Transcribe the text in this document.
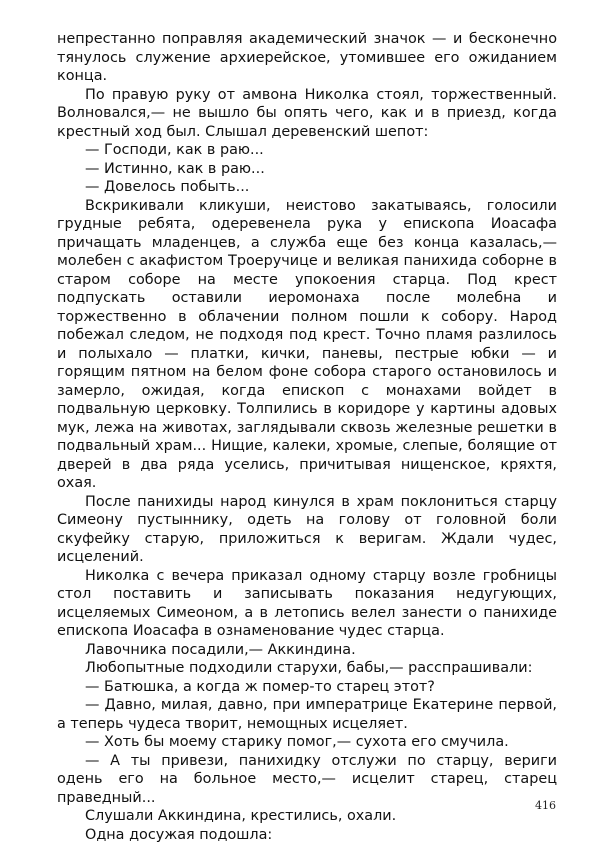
непрестанно поправляя академический значок — и бесконечно тянулось служение архиерейское, утомившее его ожиданием конца.

По правую руку от амвона Николка стоял, торжественный. Волновался,— не вышло бы опять чего, как и в приезд, когда крестный ход был. Слышал деревенский шепот:

— Господи, как в раю...

— Истинно, как в раю...

— Довелось побыть...

Вскрикивали кликуши, неистово закатываясь, голосили грудные ребята, одеревенела рука у епископа Иоасафа причащать младенцев, а служба еще без конца казалась,— молебен с акафистом Троеручице и великая панихида соборне в старом соборе на месте упокоения старца. Под крест подпускать оставили иеромонаха после молебна и торжественно в облачении полном пошли к собору. Народ побежал следом, не подходя под крест. Точно пламя разлилось и полыхало — платки, кички, паневы, пестрые юбки — и горящим пятном на белом фоне собора старого остановилось и замерло, ожидая, когда епископ с монахами войдет в подвальную церковку. Толпились в коридоре у картины адовых мук, лежа на животах, заглядывали сквозь железные решетки в подвальный храм... Нищие, калеки, хромые, слепые, болящие от дверей в два ряда уселись, причитывая нищенское, кряхтя, охая.

После панихиды народ кинулся в храм поклониться старцу Симеону пустыннику, одеть на голову от головной боли скуфейку старую, приложиться к веригам. Ждали чудес, исцелений.

Николка с вечера приказал одному старцу возле гробницы стол поставить и записывать показания недугующих, исцеляемых Симеоном, а в летопись велел занести о панихиде епископа Иоасафа в ознаменование чудес старца.

Лавочника посадили,— Аккиндина.

Любопытные подходили старухи, бабы,— расспрашивали:

— Батюшка, а когда ж помер-то старец этот?

— Давно, милая, давно, при императрице Екатерине первой, а теперь чудеса творит, немощных исцеляет.

— Хоть бы моему старику помог,— сухота его смучила.

— А ты привези, панихидку отслужи по старцу, вериги одень его на больное место,— исцелит старец, старец праведный...

Слушали Аккиндина, крестились, охали.

Одна досужая подошла:

416
